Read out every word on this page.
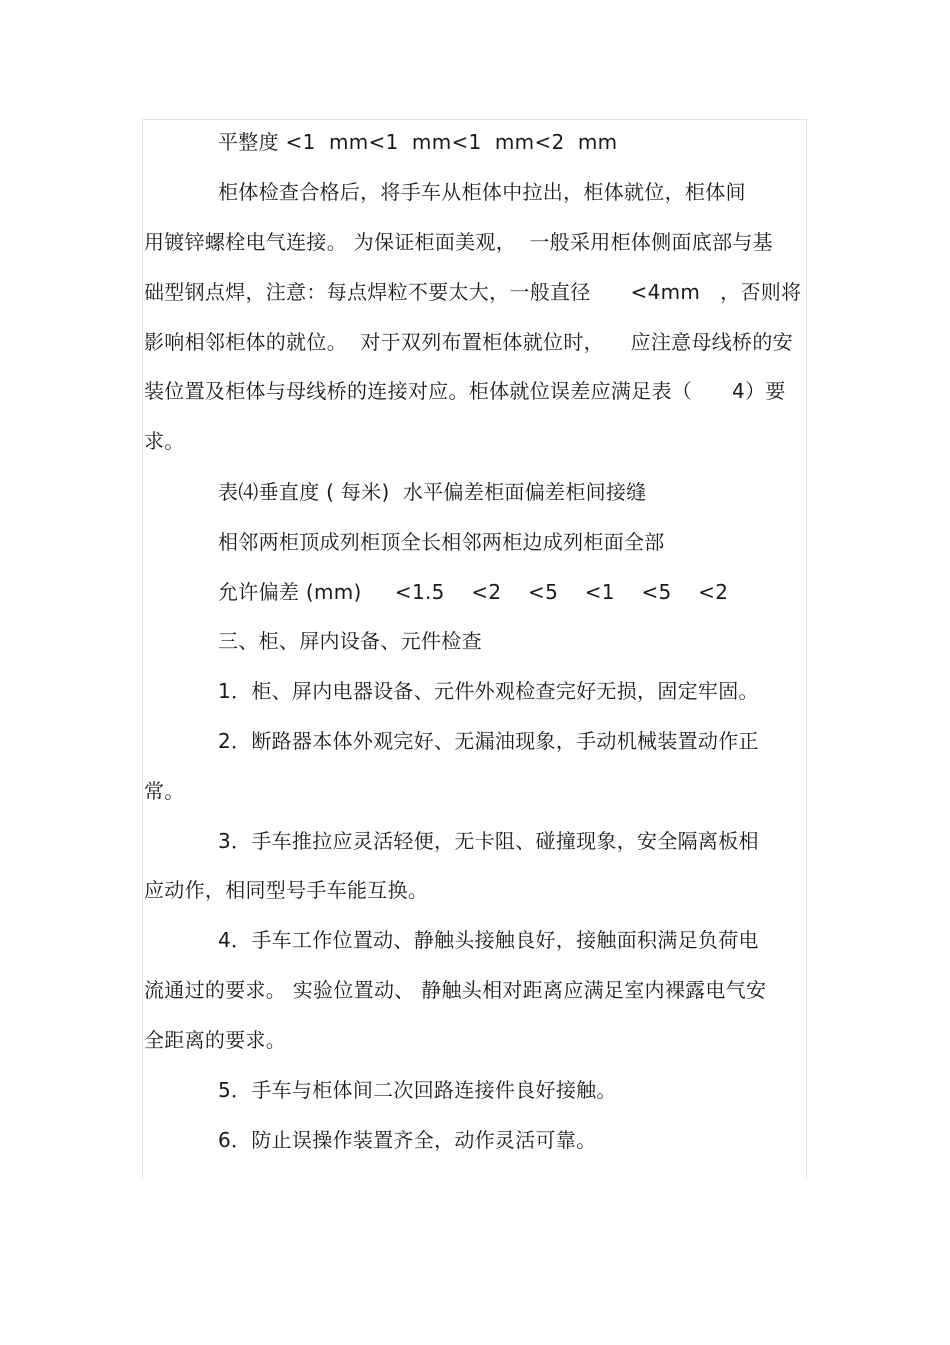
平整度 <1  mm<1  mm<1  mm<2  mm
柜体检查合格后，将手车从柜体中拉出，柜体就位，柜体间
用镀锌螺栓电气连接。 为保证柜面美观，  一般采用柜体侧面底部与基
础型钢点焊，注意：每点焊粒不要太大，一般直径      <4mm   ，否则将
影响相邻柜体的就位。  对于双列布置柜体就位时，    应注意母线桥的安
装位置及柜体与母线桥的连接对应。柜体就位误差应满足表（      4）要
求。
表⑷垂直度 ( 每米)  水平偏差柜面偏差柜间接缝
相邻两柜顶成列柜顶全长相邻两柜边成列柜面全部
允许偏差 (mm)     <1.5    <2    <5    <1    <5    <2
三、柜、屏内设备、元件检查
1．柜、屏内电器设备、元件外观检查完好无损，固定牢固。
2．断路器本体外观完好、无漏油现象，手动机械装置动作正
常。
3．手车推拉应灵活轻便，无卡阻、碰撞现象，安全隔离板相
应动作，相同型号手车能互换。
4．手车工作位置动、静触头接触良好，接触面积满足负荷电
流通过的要求。 实验位置动、 静触头相对距离应满足室内裸露电气安
全距离的要求。
5．手车与柜体间二次回路连接件良好接触。
6．防止误操作装置齐全，动作灵活可靠。
